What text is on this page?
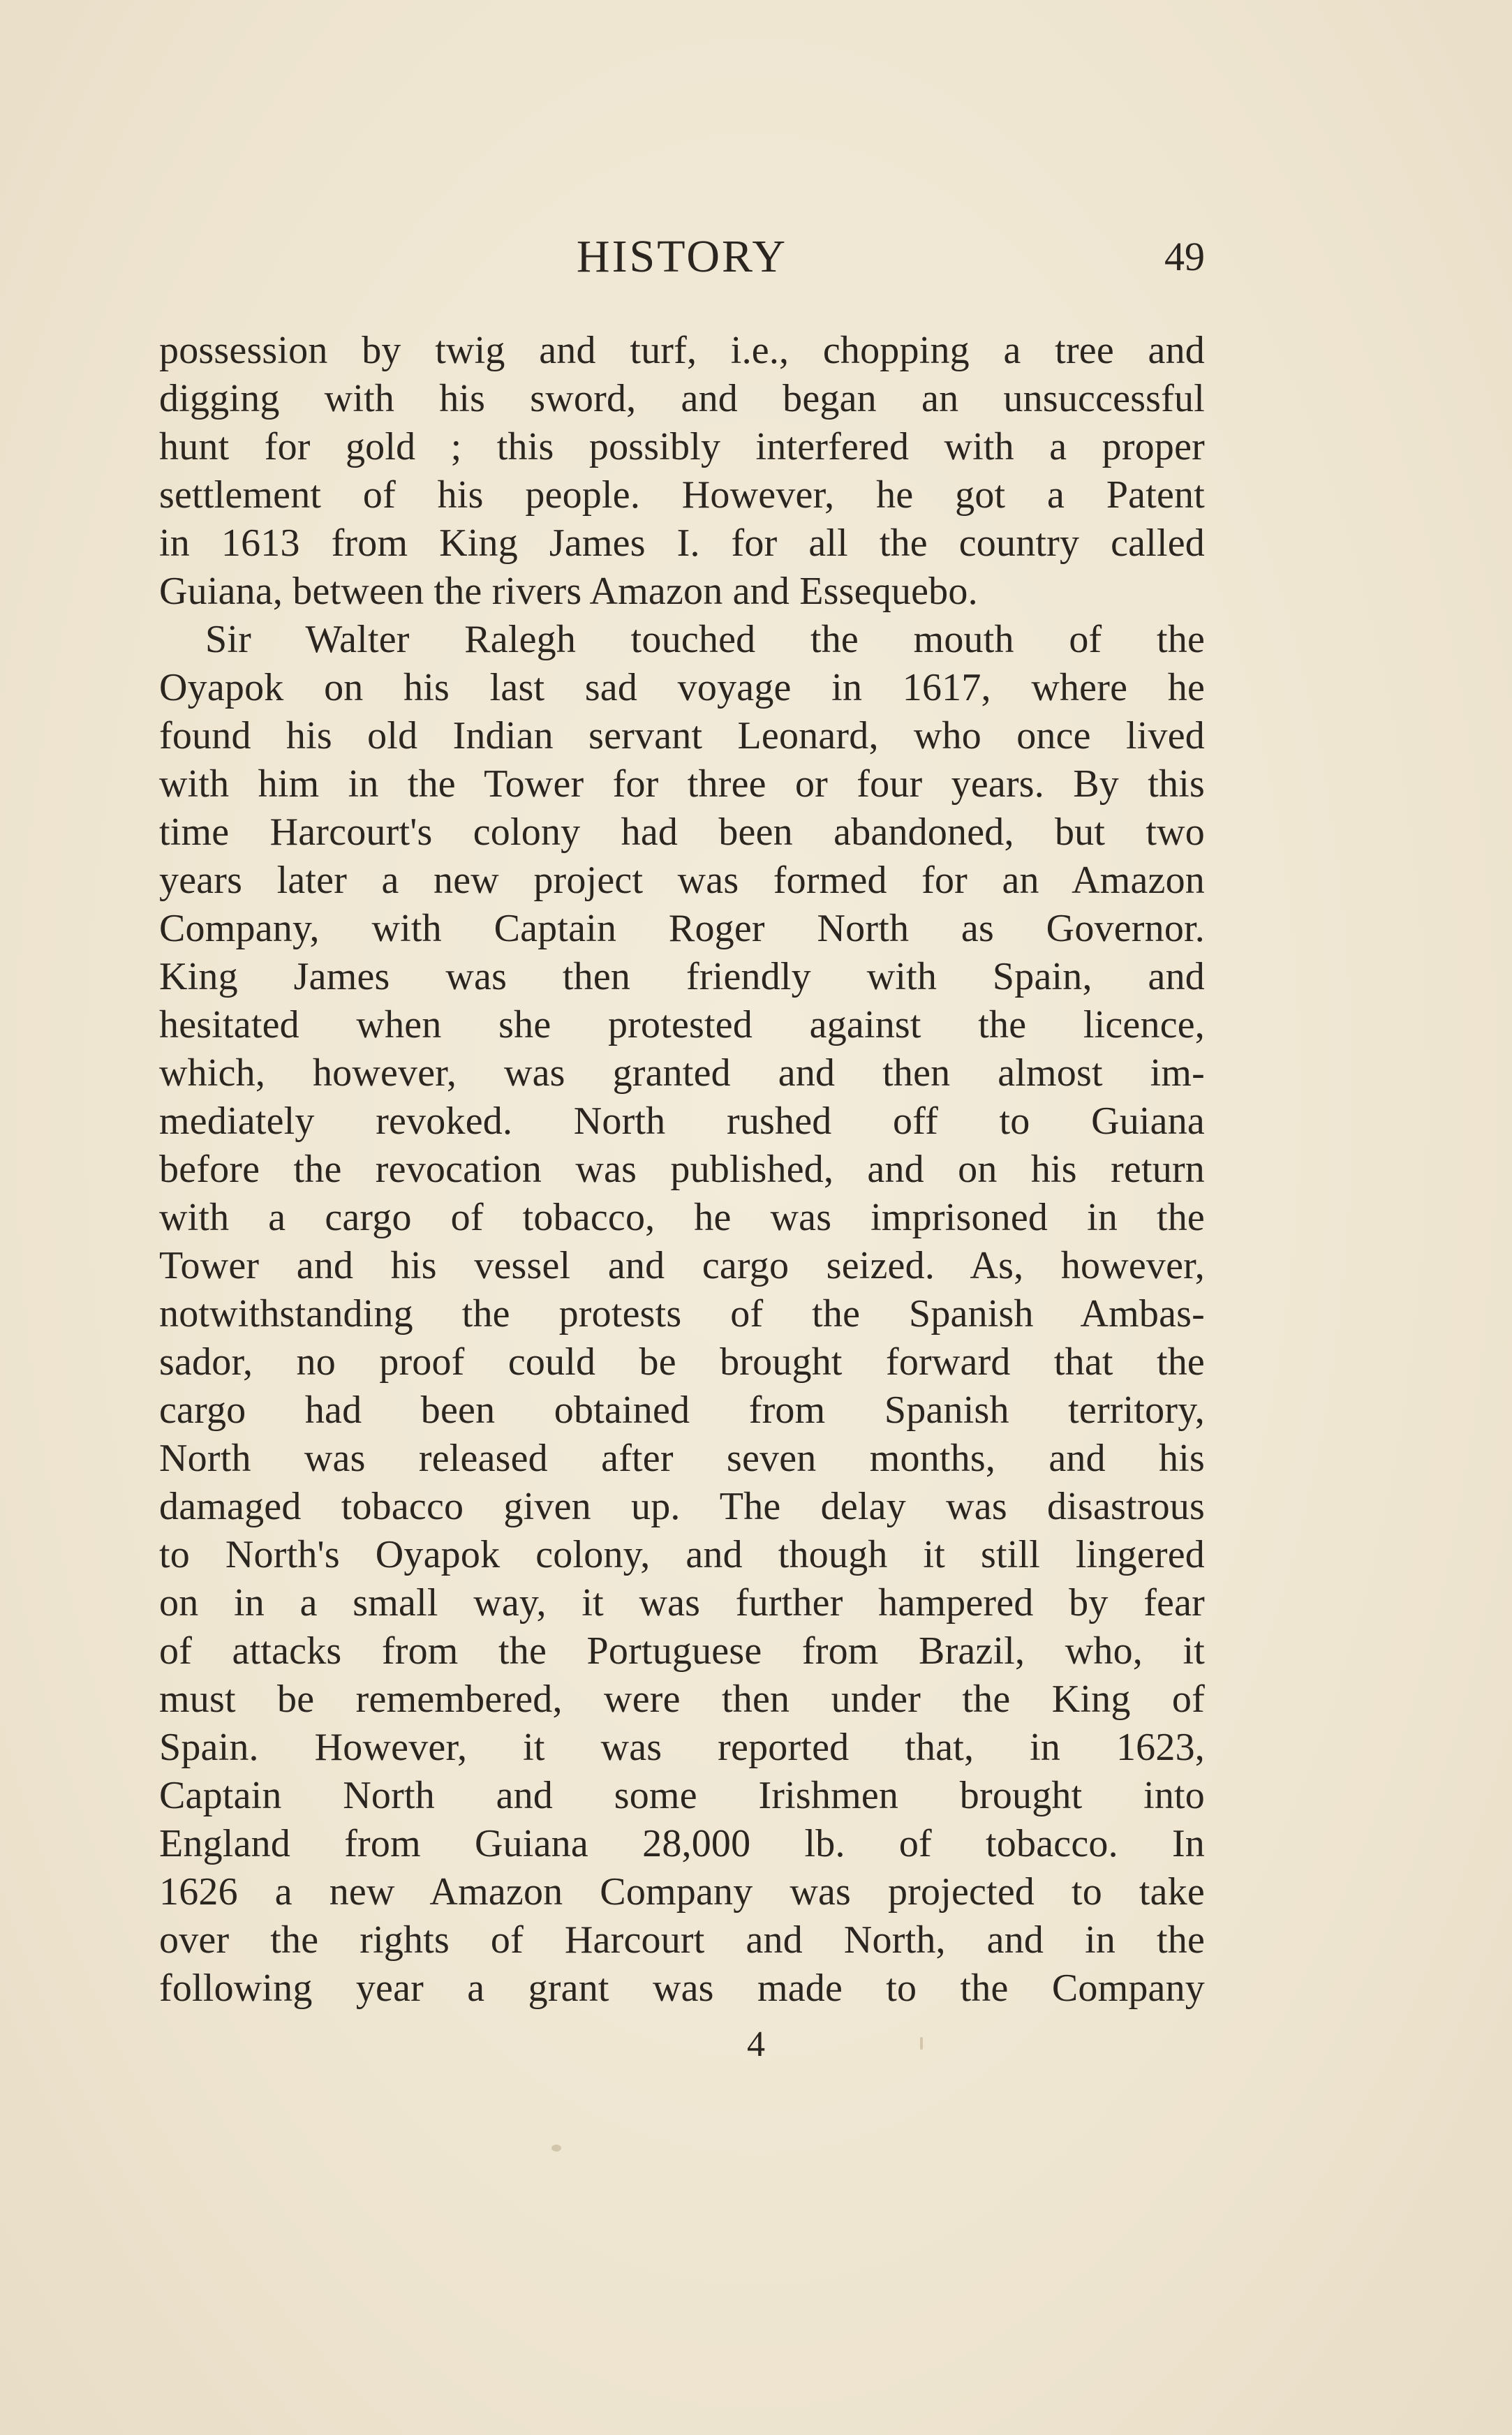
HISTORY	49
possession by twig and turf, i.e., chopping a tree and
digging with his sword, and began an unsuccessful
hunt for gold ; this possibly interfered with a proper
settlement of his people. However, he got a Patent
in 1613 from King James I. for all the country called
Guiana, between the rivers Amazon and Essequebo.
Sir Walter Ralegh touched the mouth of the
Oyapok on his last sad voyage in 1617, where he
found his old Indian servant Leonard, who once lived
with him in the Tower for three or four years. By this
time Harcourt's colony had been abandoned, but two
years later a new project was formed for an Amazon
Company, with Captain Roger North as Governor.
King James was then friendly with Spain, and
hesitated when she protested against the licence,
which, however, was granted and then almost im-
mediately revoked. North rushed off to Guiana
before the revocation was published, and on his return
with a cargo of tobacco, he was imprisoned in the
Tower and his vessel and cargo seized. As, however,
notwithstanding the protests of the Spanish Ambas-
sador, no proof could be brought forward that the
cargo had been obtained from Spanish territory,
North was released after seven months, and his
damaged tobacco given up. The delay was disastrous
to North's Oyapok colony, and though it still lingered
on in a small way, it was further hampered by fear
of attacks from the Portuguese from Brazil, who, it
must be remembered, were then under the King of
Spain. However, it was reported that, in 1623,
Captain North and some Irishmen brought into
England from Guiana 28,000 lb. of tobacco. In
1626 a new Amazon Company was projected to take
over the rights of Harcourt and North, and in the
following year a grant was made to the Company
4
